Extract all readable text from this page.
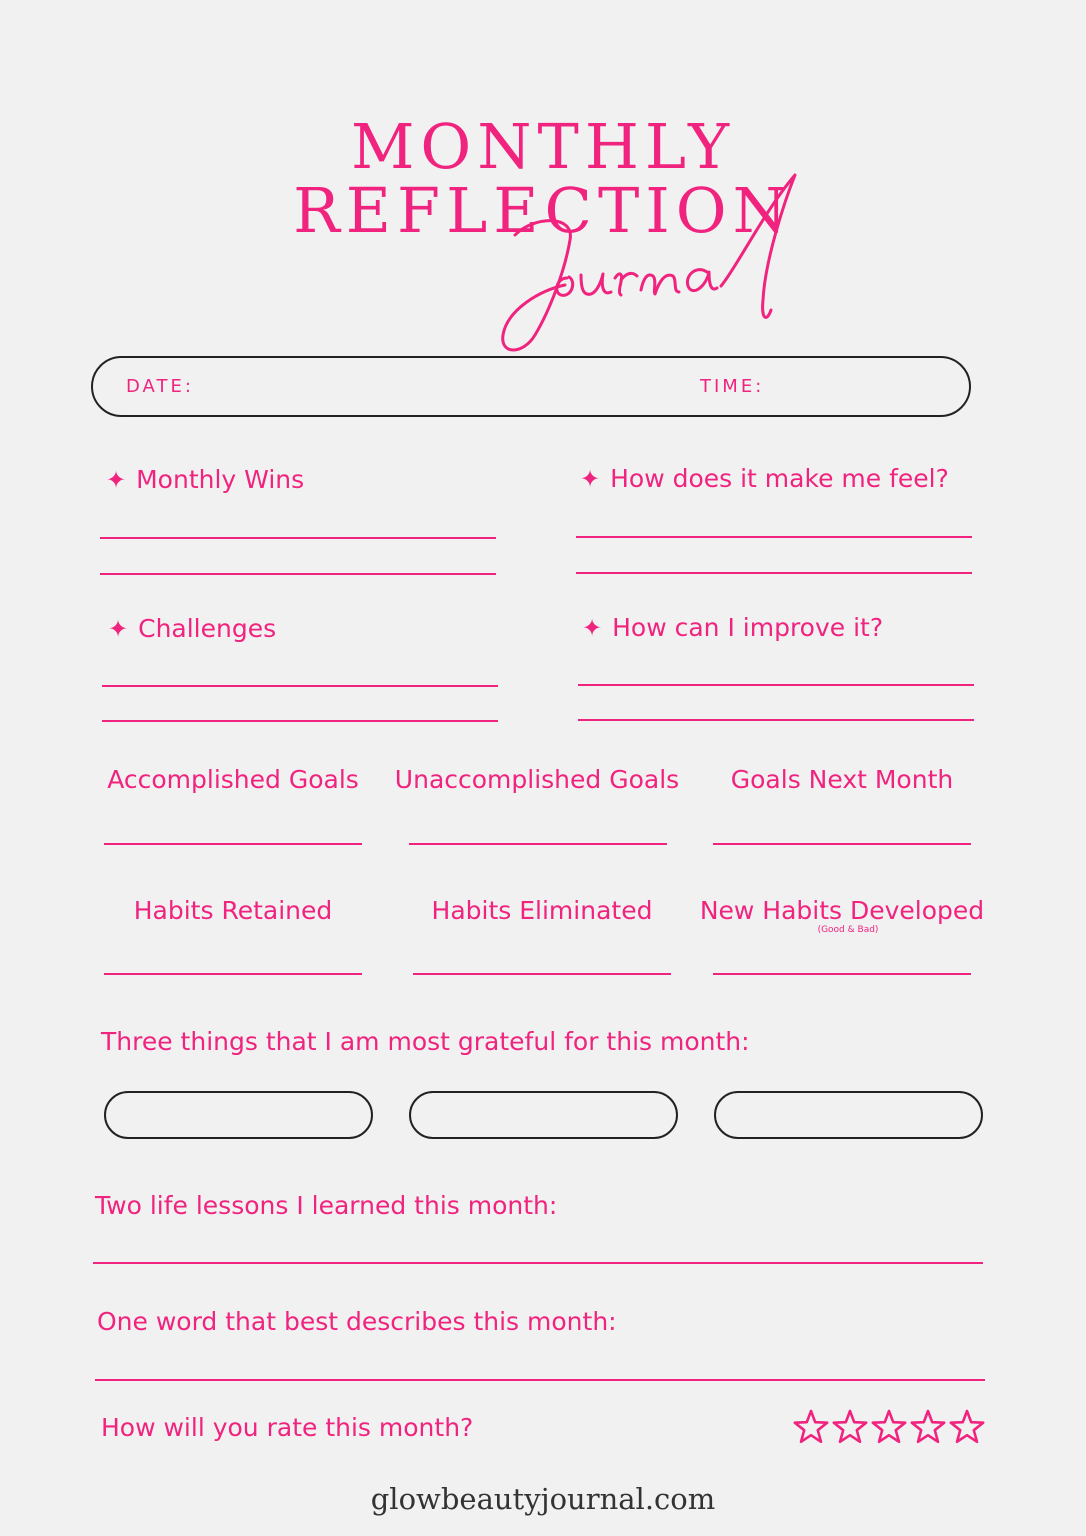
MONTHLY
REFLECTION
DATE:	TIME:
✦ Monthly Wins	✦ How does it make me feel?
✦ Challenges	✦ How can I improve it?
Accomplished Goals	Unaccomplished Goals	Goals Next Month
Habits Retained	Habits Eliminated	New Habits Developed
(Good & Bad)
Three things that I am most grateful for this month:
Two life lessons I learned this month:
One word that best describes this month:
How will you rate this month?
glowbeautyjournal.com
